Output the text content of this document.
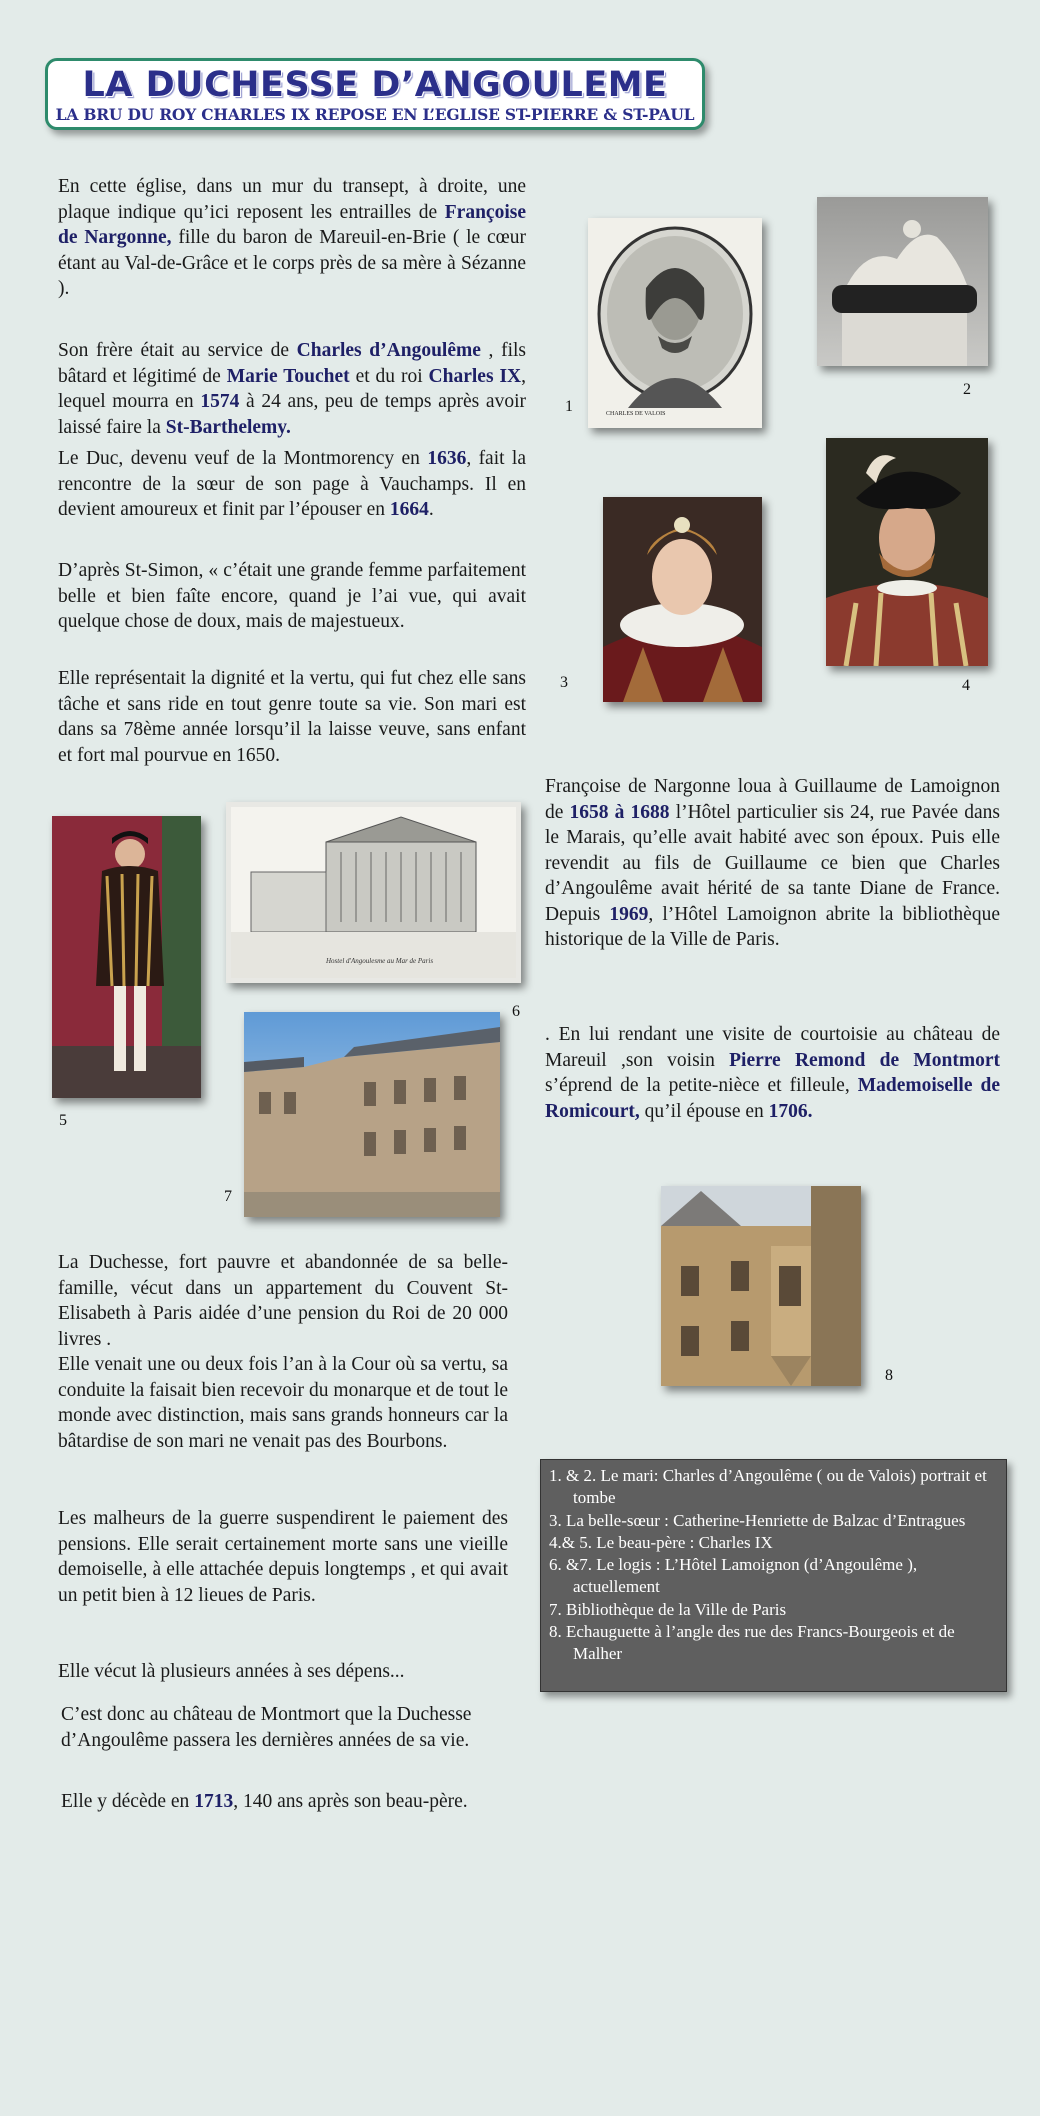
LA DUCHESSE D’ANGOULEME
LA BRU DU ROY CHARLES IX REPOSE EN L’EGLISE ST-PIERRE & ST-PAUL
En cette église, dans un mur du transept, à droite, une plaque indique qu’ici reposent les entrailles de Françoise de Nargonne, fille du baron de Mareuil-en-Brie ( le cœur étant au Val-de-Grâce et le corps près de sa mère à Sézanne ).
Son frère était au service de Charles d’Angoulême , fils bâtard et légitimé de Marie Touchet et du roi Charles IX, lequel mourra en 1574 à 24 ans, peu de temps après avoir laissé faire la St-Barthelemy.
Le Duc, devenu veuf de la Montmorency en 1636, fait la rencontre de la sœur de son page à Vauchamps. Il en devient amoureux et finit par l’épouser en 1664.
D’après St-Simon, « c’était une grande femme parfaitement belle et bien faîte encore, quand je l’ai vue, qui avait quelque chose de doux, mais de majestueux.
Elle représentait la dignité et la vertu, qui fut chez elle sans tâche et sans ride en tout genre toute sa vie. Son mari est dans sa 78ème année lorsqu’il la laisse veuve, sans enfant et fort mal pourvue en 1650.
CHARLES DE VALOIS
1
2
3	4
Françoise de Nargonne loua à Guillaume de Lamoignon de 1658 à 1688 l’Hôtel particulier sis 24, rue Pavée dans le Marais, qu’elle avait habité avec son époux. Puis elle revendit au fils de Guillaume ce bien que Charles d’Angoulême avait hérité de sa tante Diane de France. Depuis 1969, l’Hôtel Lamoignon abrite la bibliothèque historique de la Ville de Paris.
. En lui rendant une visite de courtoisie au château de Mareuil ,son voisin Pierre Remond de Montmort s’éprend de la petite-nièce et filleule, Mademoiselle de Romicourt, qu’il épouse en 1706.
5
Hostel d'Angoulesme au Mar de Paris
6
7
8
La Duchesse, fort pauvre et abandonnée de sa belle-famille, vécut dans un appartement du Couvent St-Elisabeth à Paris aidée d’une pension du Roi de 20 000 livres .
Elle venait une ou deux fois l’an à la Cour où sa vertu, sa conduite la faisait bien recevoir du monarque et de tout le monde avec distinction, mais sans grands honneurs car la bâtardise de son mari ne venait pas des Bourbons.
Les malheurs de la guerre suspendirent le paiement des pensions. Elle serait certainement morte sans une vieille demoiselle, à elle attachée depuis longtemps , et qui avait un petit bien à 12 lieues de Paris.
Elle vécut là plusieurs années à ses dépens...
C’est donc au château de Montmort que la Duchesse d’Angoulême passera les dernières années de sa vie.
Elle y décède en 1713, 140 ans après son beau-père.
1. & 2. Le mari: Charles d’Angoulême ( ou de Valois) portrait et tombe
3. La belle-sœur : Catherine-Henriette de Balzac d’Entragues
4.& 5. Le beau-père : Charles IX
6. &7. Le logis : L’Hôtel Lamoignon (d’Angoulême ), actuellement
7. Bibliothèque de la Ville de Paris
8. Echauguette à l’angle des rue des Francs-Bourgeois et de Malher
